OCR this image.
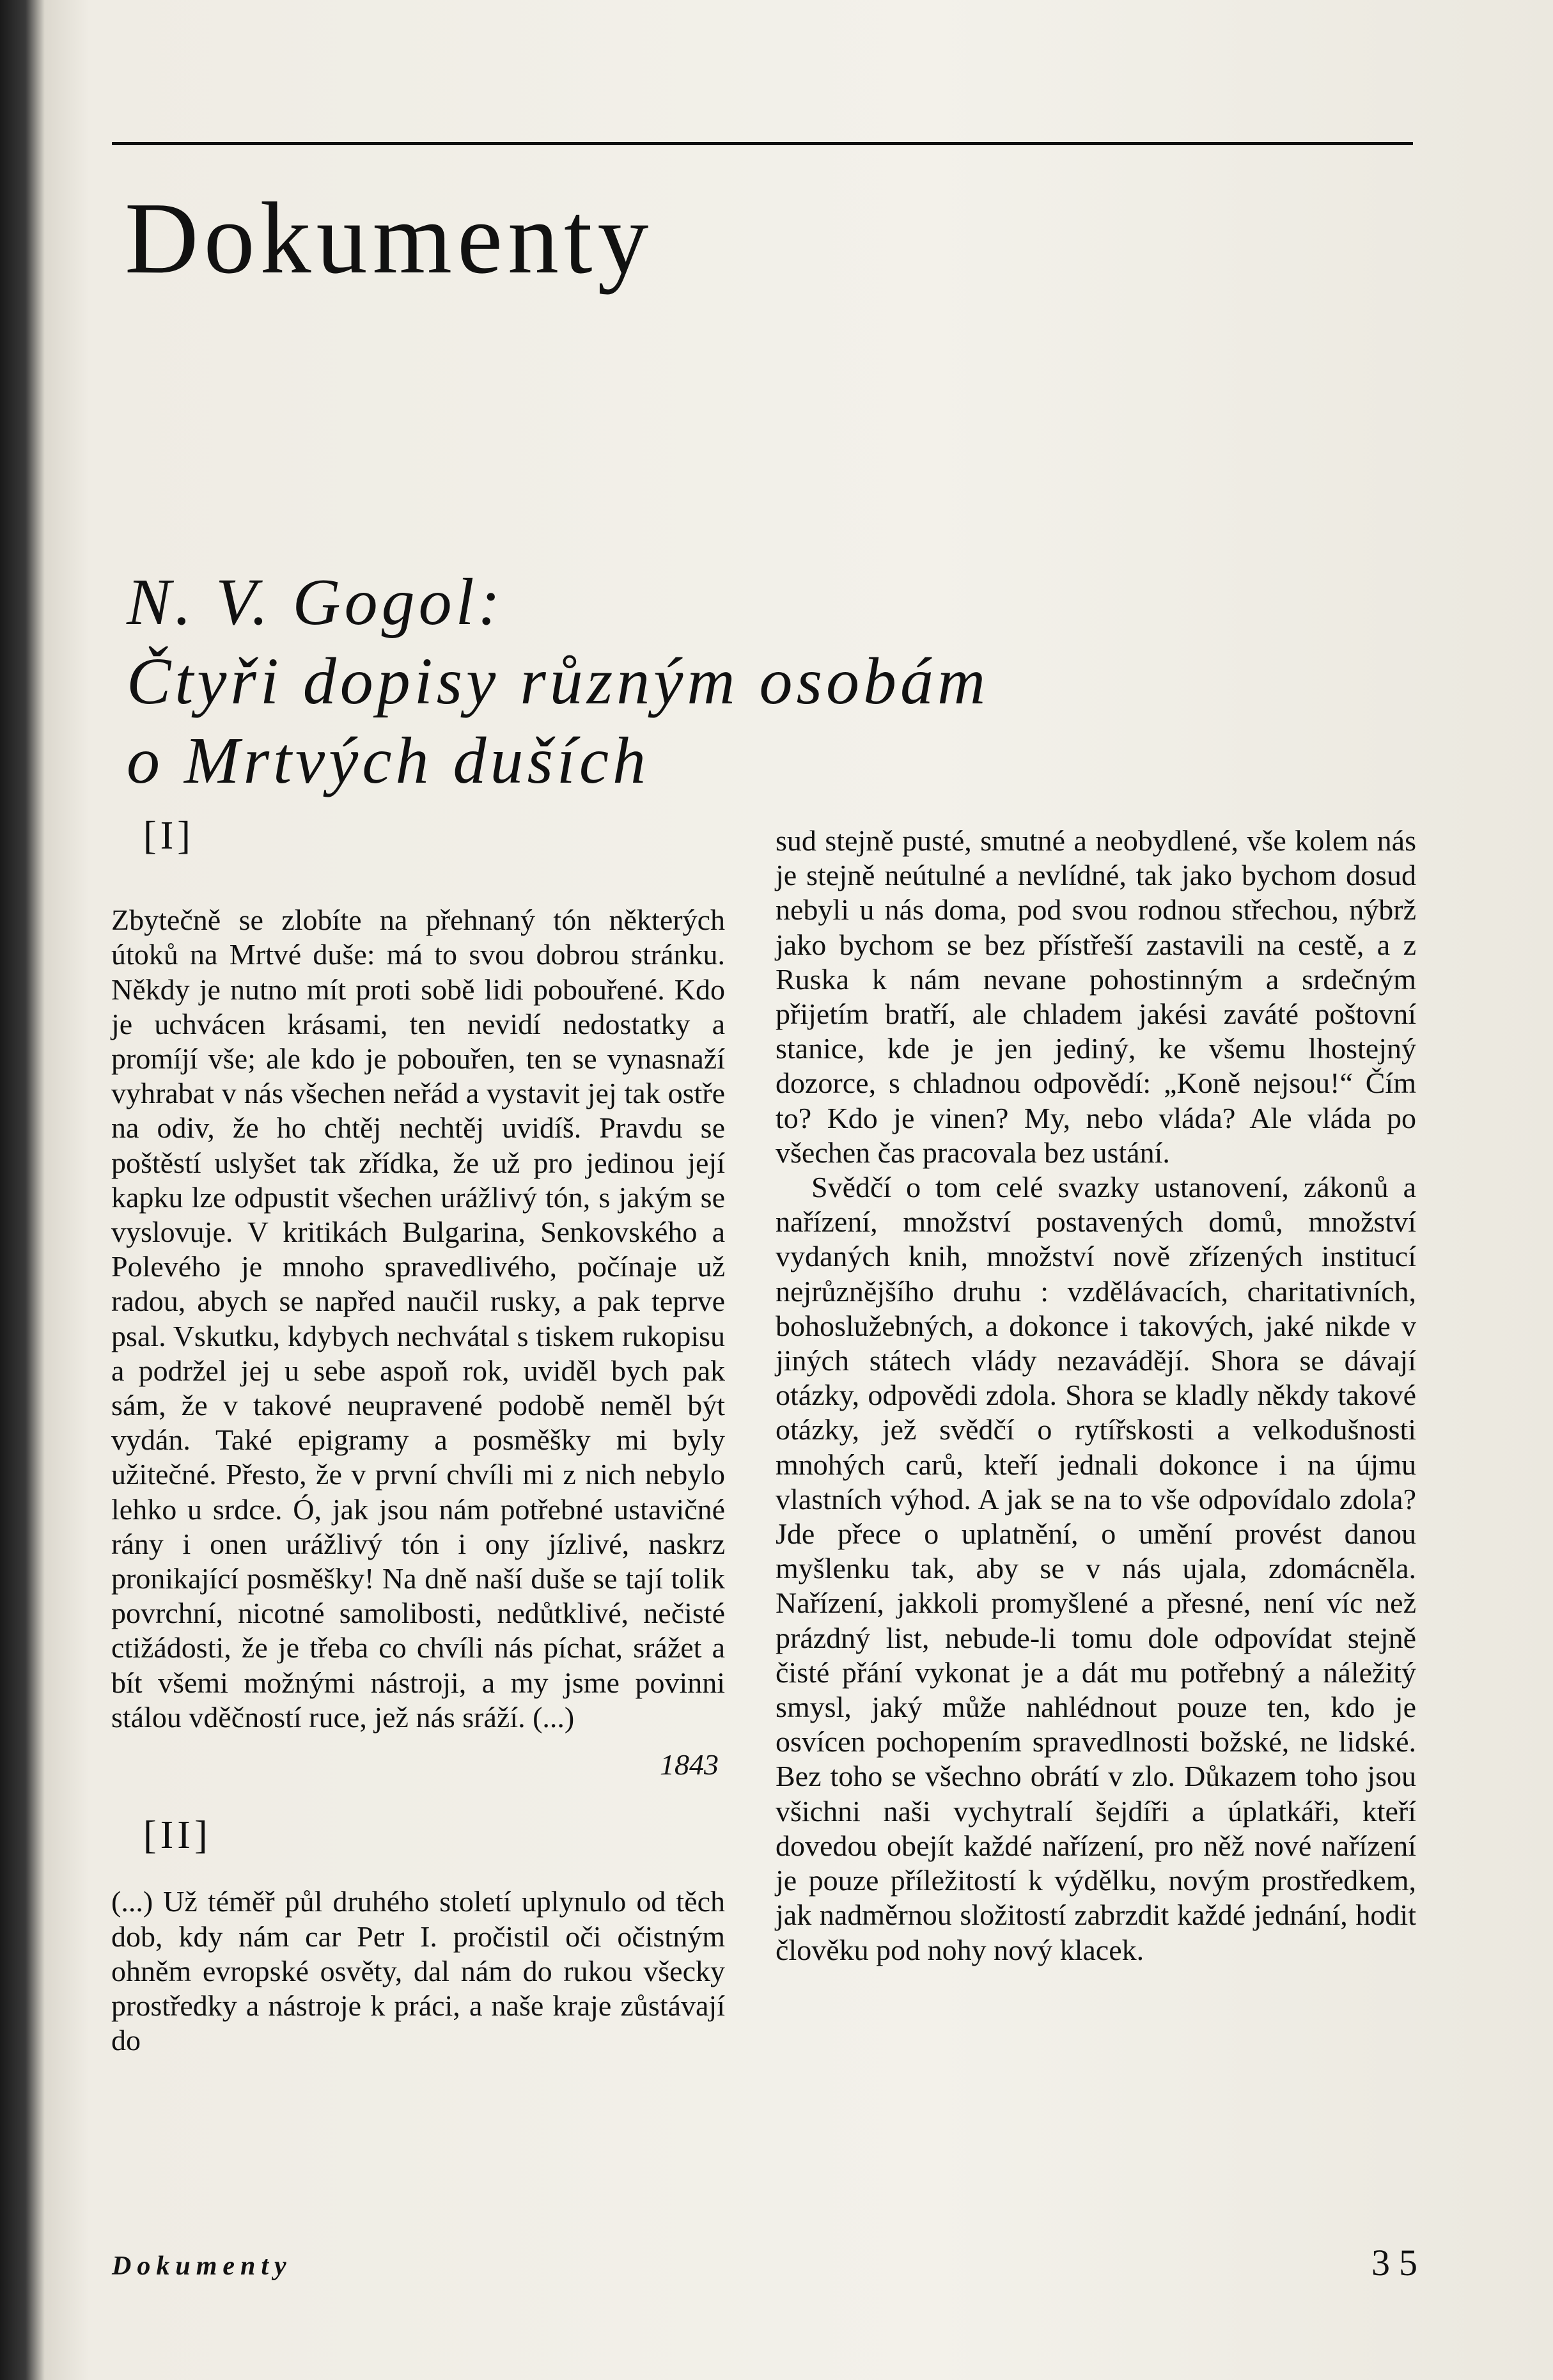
Dokumenty
N. V. Gogol:
Čtyři dopisy různým osobám
o Mrtvých duších
[I]

Zbytečně se zlobíte na přehnaný tón některých útoků na Mrtvé duše: má to svou dobrou stránku. Někdy je nutno mít proti sobě lidi pobouřené. Kdo je uchvácen krásami, ten nevidí nedostatky a promíjí vše; ale kdo je pobouřen, ten se vynasnaží vyhrabat v nás všechen neřád a vystavit jej tak ostře na odiv, že ho chtěj nechtěj uvidíš. Pravdu se poštěstí uslyšet tak zřídka, že už pro jedinou její kapku lze odpustit všechen urážlivý tón, s jakým se vyslovuje. V kritikách Bulgarina, Senkovského a Polevého je mnoho spravedlivého, počínaje už radou, abych se napřed naučil rusky, a pak teprve psal. Vskutku, kdybych nechvátal s tiskem rukopisu a podržel jej u sebe aspoň rok, uviděl bych pak sám, že v takové neupravené podobě neměl být vydán. Také epigramy a posměšky mi byly užitečné. Přesto, že v první chvíli mi z nich nebylo lehko u srdce. Ó, jak jsou nám potřebné ustavičné rány i onen urážlivý tón i ony jízlivé, naskrz pronikající posměšky! Na dně naší duše se tají tolik povrchní, nicotné samolibosti, nedůtklivé, nečisté ctižádosti, že je třeba co chvíli nás píchat, srážet a bít všemi možnými nástroji, a my jsme povinni stálou vděčností ruce, jež nás sráží. (...)

1843
[II]

(...) Už téměř půl druhého století uplynulo od těch dob, kdy nám car Petr I. pročistil oči očistným ohněm evropské osvěty, dal nám do rukou všecky prostředky a nástroje k práci, a naše kraje zůstávají do

sud stejně pusté, smutné a neobydlené, vše kolem nás je stejně neútulné a nevlídné, tak jako bychom dosud nebyli u nás doma, pod svou rodnou střechou, nýbrž jako bychom se bez přístřeší zastavili na cestě, a z Ruska k nám nevane pohostinným a srdečným přijetím bratří, ale chladem jakési zaváté poštovní stanice, kde je jen jediný, ke všemu lhostejný dozorce, s chladnou odpovědí: „Koně nejsou!“ Čím to? Kdo je vinen? My, nebo vláda? Ale vláda po všechen čas pracovala bez ustání.

Svědčí o tom celé svazky ustanovení, zákonů a nařízení, množství postavených domů, množství vydaných knih, množství nově zřízených institucí nejrůznějšího druhu : vzdělávacích, charitativních, bohoslužebných, a dokonce i takových, jaké nikde v jiných státech vlády nezavádějí. Shora se dávají otázky, odpovědi zdola. Shora se kladly někdy takové otázky, jež svědčí o rytířskosti a velkodušnosti mnohých carů, kteří jednali dokonce i na újmu vlastních výhod. A jak se na to vše odpovídalo zdola? Jde přece o uplatnění, o umění provést danou myšlenku tak, aby se v nás ujala, zdomácněla. Nařízení, jakkoli promyšlené a přesné, není víc než prázdný list, nebude-li tomu dole odpovídat stejně čisté přání vykonat je a dát mu potřebný a náležitý smysl, jaký může nahlédnout pouze ten, kdo je osvícen pochopením spravedlnosti božské, ne lidské. Bez toho se všechno obrátí v zlo. Důkazem toho jsou všichni naši vychytralí šejdíři a úplatkáři, kteří dovedou obejít každé nařízení, pro něž nové nařízení je pouze příležitostí k výdělku, novým prostředkem, jak nadměrnou složitostí zabrzdit každé jednání, hodit člověku pod nohy nový klacek.

Dokumenty	35
